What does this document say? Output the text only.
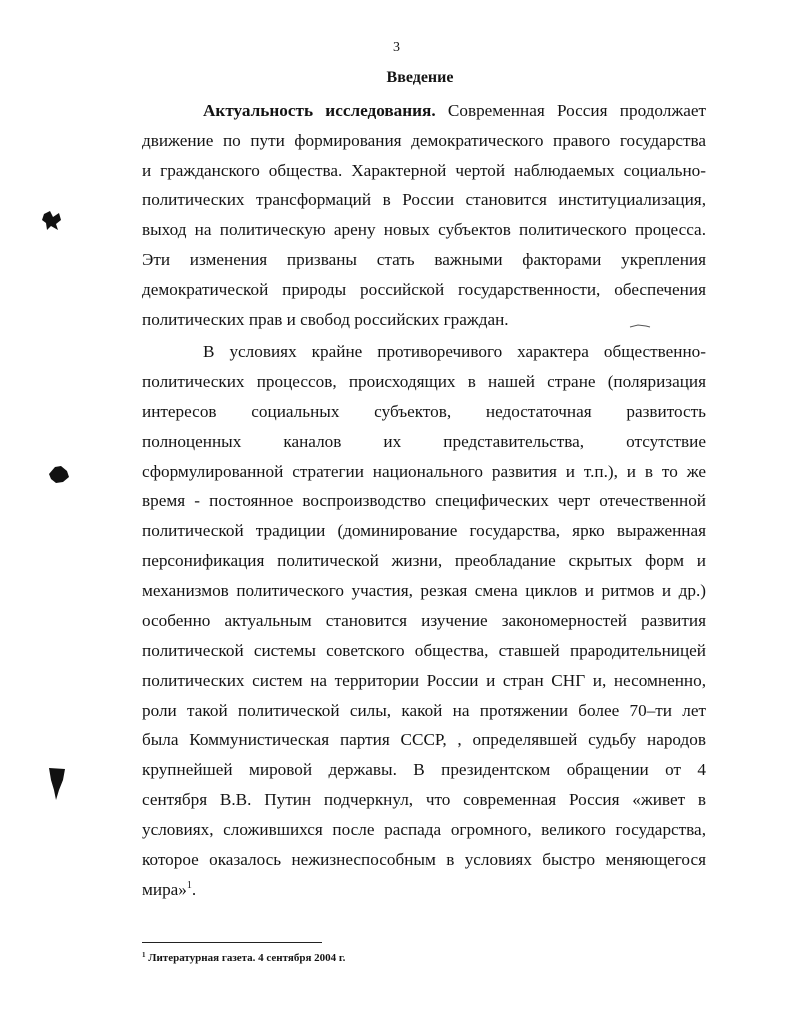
3
Введение
Актуальность исследования. Современная Россия продолжает
движение по пути формирования демократического правого государства
и гражданского общества. Характерной чертой наблюдаемых социально-
политических трансформаций в России становится институциализация,
выход на политическую арену новых субъектов политического процесса.
Эти изменения призваны стать важными факторами укрепления
демократической природы российской государственности, обеспечения
политических прав и свобод российских граждан.
В условиях крайне противоречивого характера общественно-
политических процессов, происходящих в нашей стране (поляризация
интересов социальных субъектов, недостаточная развитость
полноценных каналов их представительства, отсутствие
сформулированной стратегии национального развития и т.п.), и в то же
время - постоянное воспроизводство специфических черт отечественной
политической традиции (доминирование государства, ярко выраженная
персонификация политической жизни, преобладание скрытых форм и
механизмов политического участия, резкая смена циклов и ритмов и др.)
особенно актуальным становится изучение закономерностей развития
политической системы советского общества, ставшей прародительницей
политических систем на территории России и стран СНГ и, несомненно,
роли такой политической силы, какой на протяжении более 70–ти лет
была Коммунистическая партия СССР, , определявшей судьбу народов
крупнейшей мировой державы. В президентском обращении от 4
сентября В.В. Путин подчеркнул, что современная Россия «живет в
условиях, сложившихся после распада огромного, великого государства,
которое оказалось нежизнеспособным в условиях быстро меняющегося
мира»$^1$.
$^1$ Литературная газета. 4 сентября 2004 г.
